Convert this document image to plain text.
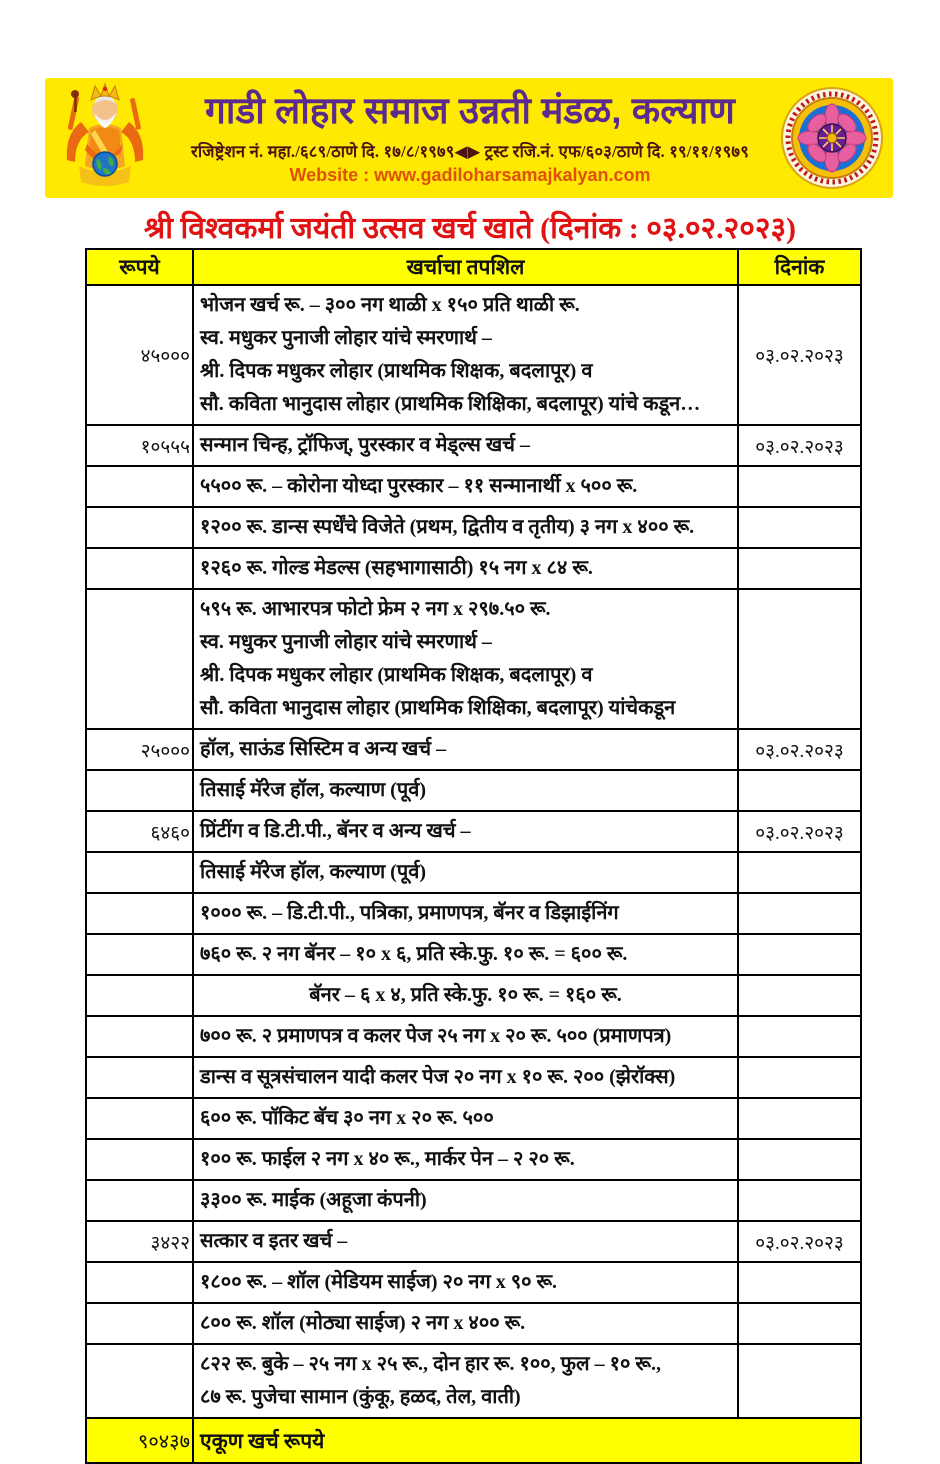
गाडी लोहार समाज उन्नती मंडळ, कल्याण
रजिष्ट्रेशन नं. महा./६८९/ठाणे दि. १७/८/१९७९◀▶ ट्रस्ट रजि.नं. एफ/६०३/ठाणे दि. १९/११/१९७९
Website : www.gadiloharsamajkalyan.com
श्री विश्वकर्मा जयंती उत्सव खर्च खाते (दिनांक : ०३.०२.२०२३)
रूपये	खर्चाचा तपशिल	दिनांक
४५०००	भोजन खर्च रू. – ३०० नग थाळी x १५० प्रति थाळी रू.
स्व. मधुकर पुनाजी लोहार यांचे स्मरणार्थ –
श्री. दिपक मधुकर लोहार (प्राथमिक शिक्षक, बदलापूर) व
सौ. कविता भानुदास लोहार (प्राथमिक शिक्षिका, बदलापूर) यांचे कडून…	०३.०२.२०२३
१०५५५	सन्मान चिन्ह, ट्रॉफिज्, पुरस्कार व मेड्ल्स खर्च –	०३.०२.२०२३

	५५०० रू. – कोरोना योध्दा पुरस्कार – ११ सन्मानार्थी x ५०० रू.	

	१२०० रू. डान्स स्पर्धेंचे विजेते (प्रथम, द्वितीय व तृतीय) ३ नग x ४०० रू.	

	१२६० रू. गोल्ड मेडल्स (सहभागासाठी) १५ नग x ८४ रू.	

	५९५ रू. आभारपत्र फोटो फ्रेम २ नग x २९७.५० रू.
स्व. मधुकर पुनाजी लोहार यांचे स्मरणार्थ –
श्री. दिपक मधुकर लोहार (प्राथमिक शिक्षक, बदलापूर) व
सौ. कविता भानुदास लोहार (प्राथमिक शिक्षिका, बदलापूर) यांचेकडून	

२५०००	हॉल, साऊंड सिस्टिम व अन्य खर्च –	०३.०२.२०२३

	तिसाई मॅरेज हॉल, कल्याण (पूर्व)	

६४६०	प्रिंटींग व डि.टी.पी., बॅनर व अन्य खर्च –	०३.०२.२०२३

	तिसाई मॅरेज हॉल, कल्याण (पूर्व)	

	१००० रू. – डि.टी.पी., पत्रिका, प्रमाणपत्र, बॅनर व डिझाईनिंग	

	७६० रू. २ नग बॅनर – १० x ६, प्रति स्के.फु. १० रू. = ६०० रू.	

	बॅनर – ६ x ४, प्रति स्के.फु. १० रू. = १६० रू.	

	७०० रू. २ प्रमाणपत्र व कलर पेज २५ नग x २० रू. ५०० (प्रमाणपत्र)	

	डान्स व सूत्रसंचालन यादी कलर पेज २० नग x १० रू. २०० (झेरॉक्स)	

	६०० रू. पॉकिट बॅच ३० नग x २० रू. ५००	

	१०० रू. फाईल २ नग x ४० रू., मार्कर पेन – २ २० रू.	

	३३०० रू. माईक (अहूजा कंपनी)	

३४२२	सत्कार व इतर खर्च –	०३.०२.२०२३

	१८०० रू. – शॉल (मेडियम साईज) २० नग x ९० रू.	

	८०० रू. शॉल (मोठ्या साईज) २ नग x ४०० रू.	

	८२२ रू. बुके – २५ नग x २५ रू., दोन हार रू. १००, फुल – १० रू.,
८७ रू. पुजेचा सामान (कुंकू, हळद, तेल, वाती)	

९०४३७	एकूण खर्च रूपये	
